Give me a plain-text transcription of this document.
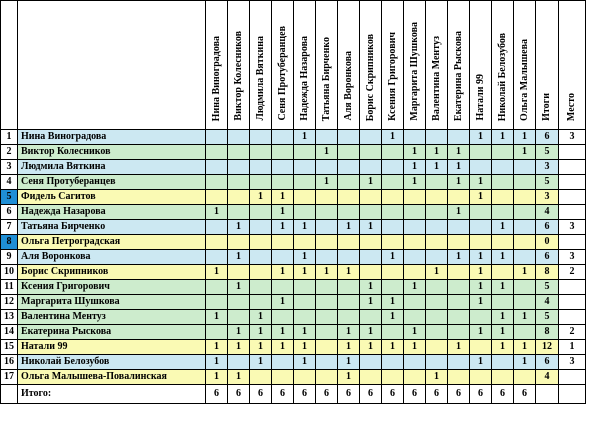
		Нина Виноградова	Виктор Колесников	Людмила Вяткина	Сеня Протуберанцев	Надежда Назарова	Татьяна Бирченко	Аля Воронкова	Борис Скрипников	Ксения Григорович	Маргарита Шушкова	Валентина Ментуз	Екатерина Рыскова	Натали 99	Николай Белозубов	Ольга Малышева	Итоги	Место
1	Нина Виноградова					1				1				1	1	1	6	3
2	Виктор Колесников						1				1	1	1			1	5	
3	Людмила Вяткина										1	1	1				3	
4	Сеня Протуберанцев						1		1		1		1	1			5	
5	Фидель Сагитов			1	1									1			3	
6	Надежда Назарова	1			1								1				4	
7	Татьяна Бирченко		1		1	1		1	1						1		6	3
8	Ольга Петроградская																0	
9	Аля Воронкова		1			1				1			1	1	1		6	3
10	Борис Скрипников	1			1	1	1	1				1		1		1	8	2
11	Ксения Григорович		1						1		1			1	1		5	
12	Маргарита Шушкова				1				1	1				1			4	
13	Валентина Ментуз	1		1						1					1	1	5	
14	Екатерина Рыскова		1	1	1	1		1	1		1			1	1		8	2
15	Натали 99	1	1	1	1	1		1	1	1	1		1		1	1	12	1
16	Николай Белозубов	1		1		1		1						1		1	6	3
17	Ольга Малышева-Повалинская	1	1					1				1					4	
	Итого:	6	6	6	6	6	6	6	6	6	6	6	6	6	6	6		
